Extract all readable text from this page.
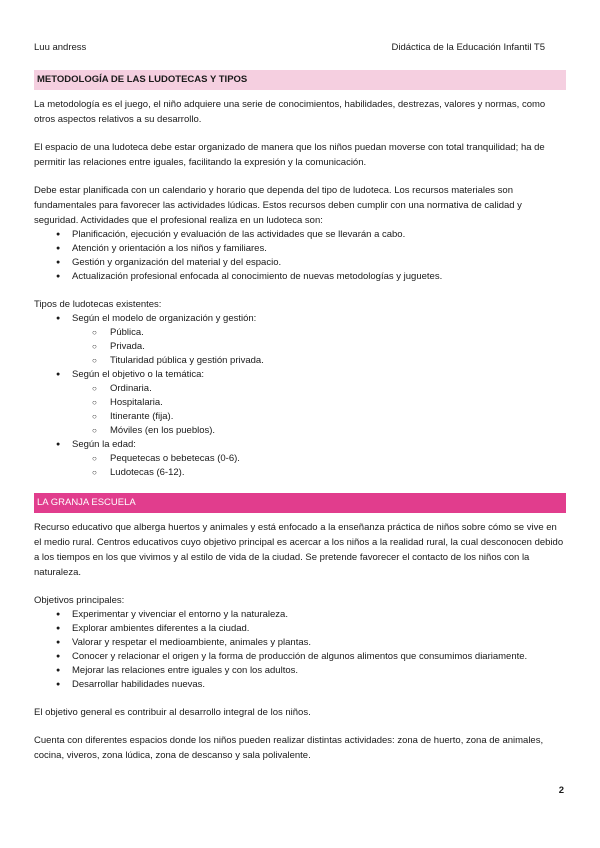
Luu andress	Didáctica de la Educación Infantil T5
METODOLOGÍA DE LAS LUDOTECAS Y TIPOS

La metodología es el juego, el niño adquiere una serie de conocimientos, habilidades, destrezas, valores y normas, como otros aspectos relativos a su desarrollo.

El espacio de una ludoteca debe estar organizado de manera que los niños puedan moverse con total tranquilidad; ha de permitir las relaciones entre iguales, facilitando la expresión y la comunicación.

Debe estar planificada con un calendario y horario que dependa del tipo de ludoteca. Los recursos materiales son fundamentales para favorecer las actividades lúdicas. Estos recursos deben cumplir con una normativa de calidad y seguridad. Actividades que el profesional realiza en un ludoteca son:

● Planificación, ejecución y evaluación de las actividades que se llevarán a cabo.
● Atención y orientación a los niños y familiares.
● Gestión y organización del material y del espacio.
● Actualización profesional enfocada al conocimiento de nuevas metodologías y juguetes.

Tipos de ludotecas existentes:

● Según el modelo de organización y gestión:
○ Pública.
○ Privada.
○ Titularidad pública y gestión privada.
● Según el objetivo o la temática:
○ Ordinaria.
○ Hospitalaria.
○ Itinerante (fija).
○ Móviles (en los pueblos).
● Según la edad:
○ Pequetecas o bebetecas (0-6).
○ Ludotecas (6-12).
LA GRANJA ESCUELA

Recurso educativo que alberga huertos y animales y está enfocado a la enseñanza práctica de niños sobre cómo se vive en el medio rural. Centros educativos cuyo objetivo principal es acercar a los niños a la realidad rural, la cual desconocen debido a los tiempos en los que vivimos y al estilo de vida de la ciudad. Se pretende favorecer el contacto de los niños con la naturaleza.

Objetivos principales:

● Experimentar y vivenciar el entorno y la naturaleza.
● Explorar ambientes diferentes a la ciudad.
● Valorar y respetar el medioambiente, animales y plantas.
● Conocer y relacionar el origen y la forma de producción de algunos alimentos que consumimos diariamente.
● Mejorar las relaciones entre iguales y con los adultos.
● Desarrollar habilidades nuevas.

El objetivo general es contribuir al desarrollo integral de los niños.

Cuenta con diferentes espacios donde los niños pueden realizar distintas actividades: zona de huerto, zona de animales, cocina, viveros, zona lúdica, zona de descanso y sala polivalente.

2
